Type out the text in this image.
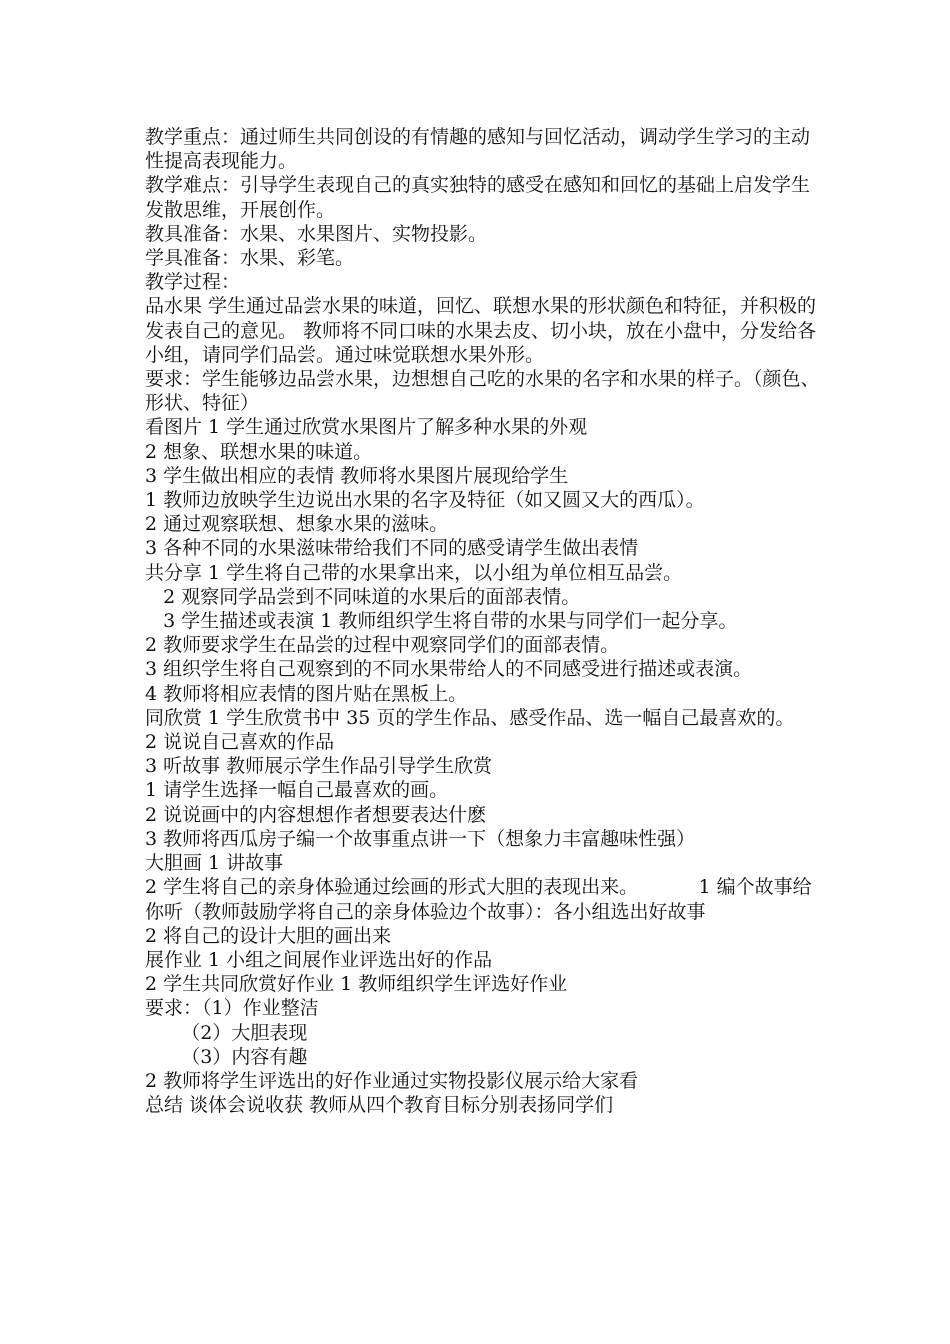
教学重点：通过师生共同创设的有情趣的感知与回忆活动，调动学生学习的主动性提高表现能力。

教学难点：引导学生表现自己的真实独特的感受在感知和回忆的基础上启发学生发散思维，开展创作。

教具准备：水果、水果图片、实物投影。

学具准备：水果、彩笔。

教学过程：

品水果 学生通过品尝水果的味道，回忆、联想水果的形状颜色和特征，并积极的发表自己的意见。 教师将不同口味的水果去皮、切小块，放在小盘中，分发给各小组，请同学们品尝。通过味觉联想水果外形。

要求：学生能够边品尝水果，边想想自己吃的水果的名字和水果的样子。（颜色、形状、特征）

看图片 1 学生通过欣赏水果图片了解多种水果的外观

2 想象、联想水果的味道。

3 学生做出相应的表情 教师将水果图片展现给学生

1 教师边放映学生边说出水果的名字及特征（如又圆又大的西瓜）。

2 通过观察联想、想象水果的滋味。

3 各种不同的水果滋味带给我们不同的感受请学生做出表情

共分享 1 学生将自己带的水果拿出来，以小组为单位相互品尝。

2 观察同学品尝到不同味道的水果后的面部表情。

3 学生描述或表演 1 教师组织学生将自带的水果与同学们一起分享。

2 教师要求学生在品尝的过程中观察同学们的面部表情。

3 组织学生将自己观察到的不同水果带给人的不同感受进行描述或表演。

4 教师将相应表情的图片贴在黑板上。

同欣赏 1 学生欣赏书中 35 页的学生作品、感受作品、选一幅自己最喜欢的。

2 说说自己喜欢的作品

3 听故事 教师展示学生作品引导学生欣赏

1 请学生选择一幅自己最喜欢的画。

2 说说画中的内容想想作者想要表达什麽

3 教师将西瓜房子编一个故事重点讲一下（想象力丰富趣味性强）

大胆画 1 讲故事

2 学生将自己的亲身体验通过绘画的形式大胆的表现出来。          1 编个故事给你听（教师鼓励学将自己的亲身体验边个故事）：各小组选出好故事

2 将自己的设计大胆的画出来

展作业 1 小组之间展作业评选出好的作品

2 学生共同欣赏好作业 1 教师组织学生评选好作业

要求：（1）作业整洁

（2）大胆表现

（3）内容有趣

2 教师将学生评选出的好作业通过实物投影仪展示给大家看

总结 谈体会说收获 教师从四个教育目标分别表扬同学们
